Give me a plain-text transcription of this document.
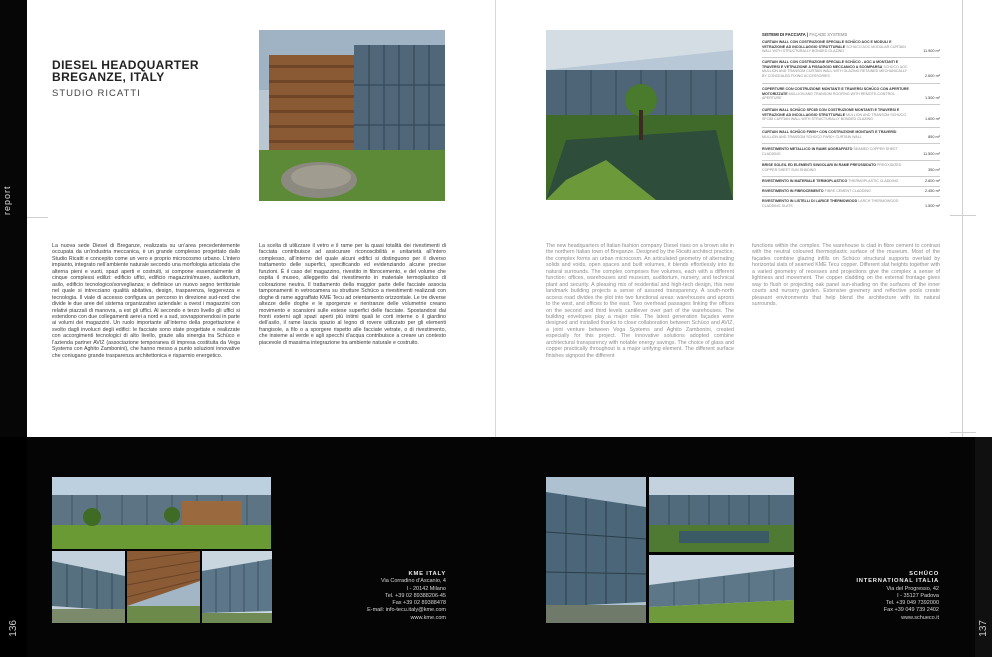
report
136	137
DIESEL HEADQUARTER
BREGANZE, ITALY
STUDIO RICATTI
SISTEMI DI FACCIATA | FAÇADE SYSTEMS
CURTAIN WALL CON COSTRUZIONE SPECIALE SCHÜCO AOC E MODULI E VETRAZIONE AD INCOLLAGGIO STRUTTURALE SCHÜCO AOC MODULAR CURTAIN WALL WITH STRUCTURALLY BONDED GLAZING	11.900 m²
CURTAIN WALL CON COSTRUZIONE SPECIALE SCHÜCO - AOC A MONTANTI E TRAVERSI E VETRAZIONE A FISSAGGIO MECCANICO A SCOMPARSA SCHÜCO AOC MULLION AND TRANSOM CURTAIN WALL WITH GLAZING RETAINED MECHANICALLY BY CONCEALED FIXING ACCESSORIES	2.600 m²
COPERTURE CON COSTRUZIONE MONTANTI E TRAVERSI SCHÜCO CON APERTURE MOTORIZZATE MULLION AND TRANSOM ROOFING WITH REMOTE-CONTROL APERTURE	1.500 m²
CURTAIN WALL SCHÜCO SFC85 CON COSTRUZIONE MONTANTI E TRAVERSI E VETRAZIONE AD INCOLLAGGIO STRUTTURALE MULLION AND TRANSOM SCHÜCO SFC85 CURTAIN WALL WITH STRUCTURALLY BONDED GLAZING	1.600 m²
CURTAIN WALL SCHÜCO FW50+ CON COSTRUZIONE MONTANTI E TRAVERSI MULLION AND TRANSOM SCHÜCO FW50+ CURTAIN WALL	850 m²
RIVESTIMENTO METALLICO IN RAME AGGRAFFATO SEAMED COPPER SHEET CLADDING	11.500 m²
BRISE SOLEIL ED ELEMENTI SINGOLARI IN RAME PREOSSIDATO PREOXIDIZED COPPER SHEET SUN SHADING	350 m²
RIVESTIMENTO IN MATERIALE TERMOPLASTICO THERMOPLASTIC CLADDING	2.600 m²
RIVESTIMENTO IN FIBROCEMENTO FIBRE CEMENT CLADDING	2.450 m²
RIVESTIMENTO IN LISTELLI DI LARICE THERMOWOOD LARCH THERMOWOOD CLADDING SLATS	1.500 m²
La nuova sede Diesel di Breganze, realizzata su un’area precedentemente occupata da un’industria meccanica, è un grande complesso progettato dallo Studio Ricatti e concepito come un vero e proprio microcosmo urbano. L’intero impianto, integrato nell’ambiente naturale secondo una morfologia articolata che alterna pieni e vuoti, spazi aperti e costruiti, si compone essenzialmente di cinque complessi edilizi: edificio uffici, edificio magazzini/museo, auditorium, asilo, edificio tecnologico/sorveglianza; e definisce un nuovo segno territoriale nel quale si intrecciano qualità abitativa, design, trasparenza, leggerezza e tecnologia. Il viale di accesso configura un percorso in direzione sud-nord che divide le due aree del sistema organizzativo aziendale: a ovest i magazzini con relativi piazzali di manovra, a est gli uffici. Al secondo e terzo livello gli uffici si estendono con due collegamenti aerei a nord e a sud, sovrapponendosi in parte ai volumi dei magazzini. Un ruolo importante all’interno della progettazione è svolto dagli involucri degli edifici: le facciate sono state progettate e realizzate con accorgimenti tecnologici di alto livello, grazie alla sinergia tra Schüco e l’azienda partner AVIZ (associazione temporanea di impresa costituita da Vega Systems con Aghito Zambonini), che hanno messo a punto soluzioni innovative che coniugano grande trasparenza architettonica e risparmio energetico.
La scelta di utilizzare il vetro e il rame per la quasi totalità dei rivestimenti di facciata contribuisce ad assicurare riconoscibilità e unitarietà all’intero complesso, all’interno del quale alcuni edifici si distinguono per il diverso trattamento delle superfici, specificando ed evidenziando alcune precise funzioni. È il caso del magazzino, rivestito in fibrocemento, e del volume che ospita il museo, alleggerito dal rivestimento in materiale termoplastico di colorazione neutra. Il trattamento della maggior parte delle facciate associa tamponamenti in vetrocamera su strutture Schüco a rivestimenti realizzati con doghe di rame aggraffato KME Tecu ad orientamento orizzontale. Le tre diverse altezze delle doghe e le sporgenze e rientranze delle volumetrie creano movimento e scansioni sulle estese superfici delle facciate. Spostandosi dai fronti esterni agli spazi aperti più intimi quali le corti interne o il giardino dell’asilo, il rame lascia spazio al legno di rovere utilizzato per gli elementi frangisole, a filo o a sporgere rispetto alle facciate vetrate, o di rivestimento, che insieme al verde e agli specchi d’acqua contribuisce a creare un contesto piacevole di massima integrazione tra ambiente naturale e costruito.
The new headquarters of Italian fashion company Diesel rises on a brown site in the northern Italian town of Breganze. Designed by the Ricatti architect practice, the complex forms an urban microcosm. An articulated geometry of alternating solids and voids, open spaces and built volumes, it blends effortlessly into its natural surrounds. The complex comprises five volumes, each with a different function: offices, warehouses and museum, auditorium, nursery, and technical plant and security. A pleasing mix of residential and high-tech design, this new landmark building projects a sense of assured transparency. A south-north access road divides the plot into two functional areas: warehouses and aprons to the west, and offices to the east. Two overhead passages linking the offices on the second and third levels cantilever over part of the warehouses. The building envelopes play a major role. The latest generation façades were designed and installed thanks to close collaboration between Schüco and AVIZ, a joint venture between Vega Systems and Aghito Zambonini, created especially for this project. The innovative solutions adopted combine architectural transparency with notable energy savings. The choice of glass and copper practically throughout is a major unifying element. The different surface finishes signpost the different
functions within the complex. The warehouse is clad in fibre cement to contrast with the neutral coloured thermoplastic surface of the museum. Most of the façades combine glazing infills on Schüco structural supports overlaid by horizontal slats of seamed KME Tecu copper. Different slat heights together with a varied geometry of recesses and projections give the complex a sense of lightness and movement. The copper cladding on the external frontage gives way to flush or projecting oak panel sun-shading on the surfaces of the inner courts and nursery garden. Extensive greenery and reflective pools create pleasant environments that help blend the architecture with its natural surrounds.
KME ITALY
Via Corradino d’Ascanio, 4
I - 20142 Milano
Tel. +39 02 89388206-45
Fax +39 02 89388478
E-mail: info-tecu.italy@kme.com
www.kme.com
SCHÜCO
INTERNATIONAL ITALIA
Via del Progresso, 42
I - 35127 Padova
Tel. +39 049 7392000
Fax +39 049 739 2402
www.schueco.it
